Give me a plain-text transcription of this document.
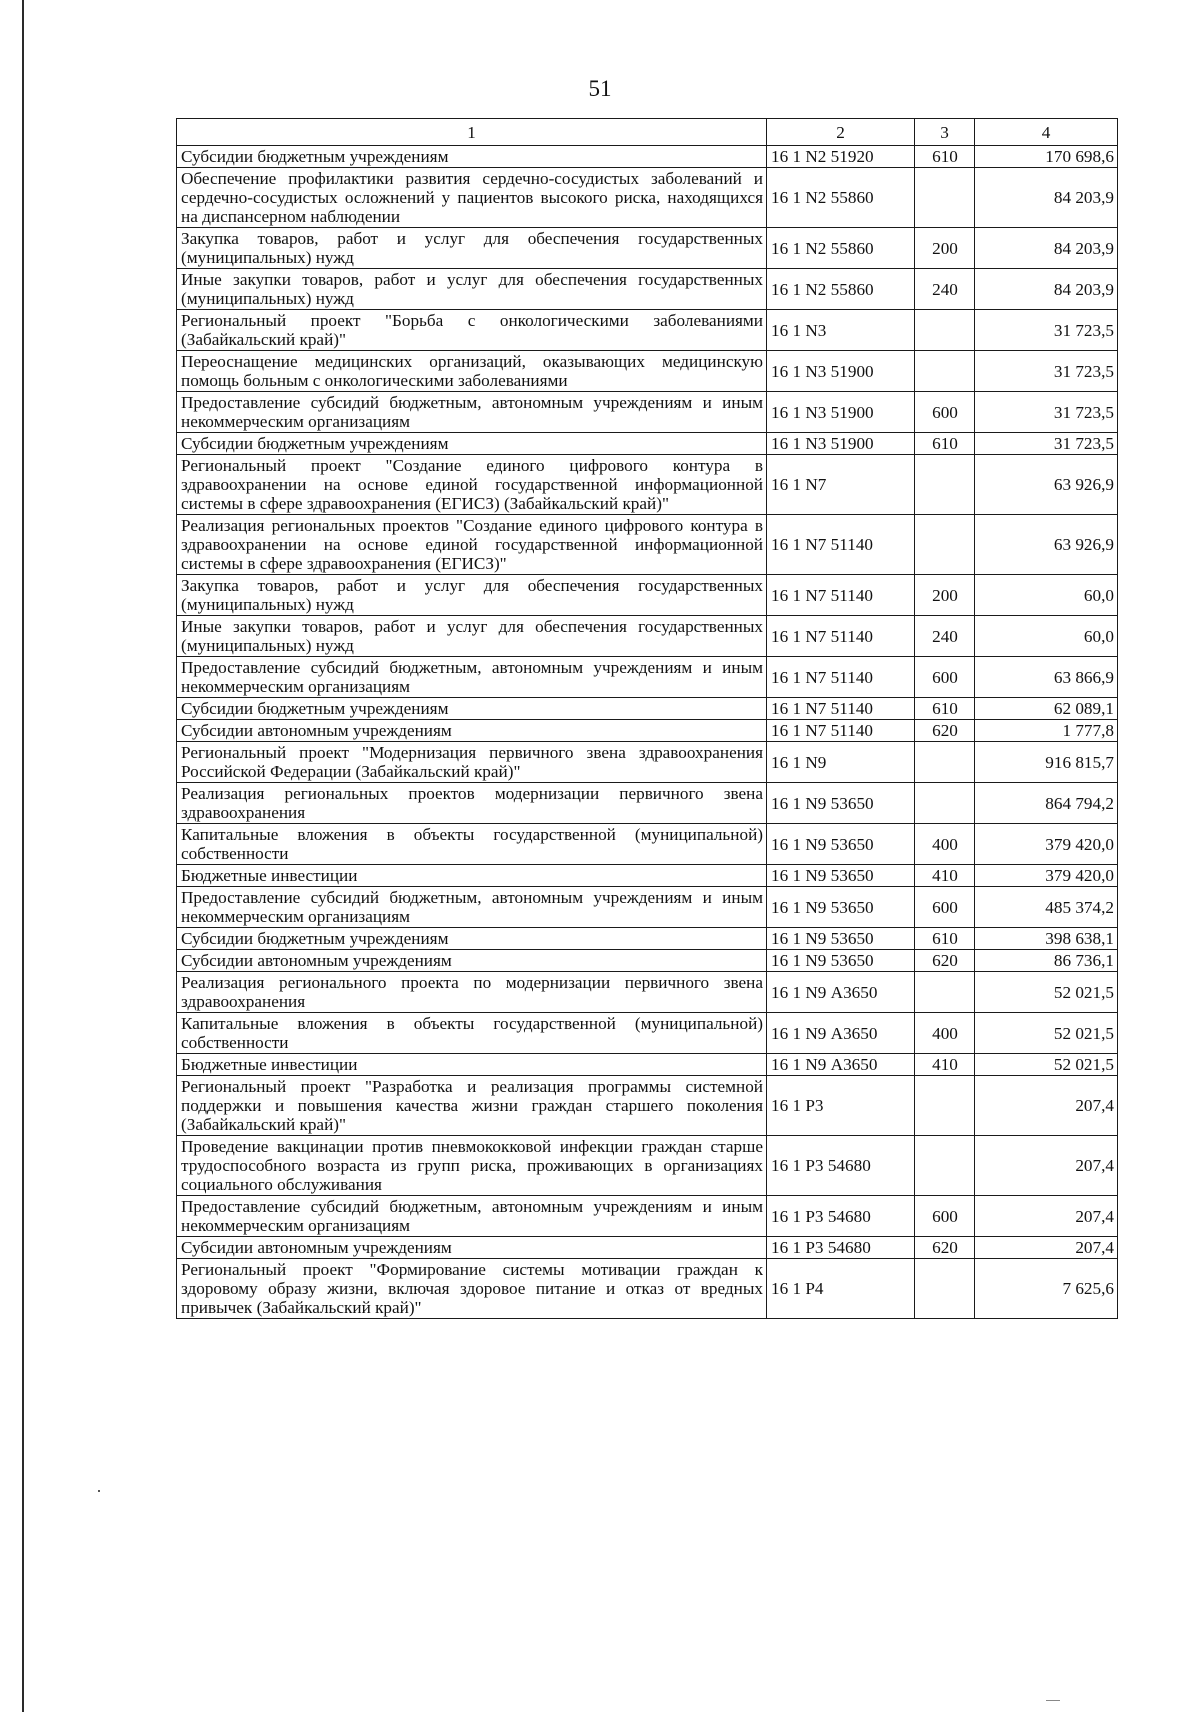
51
1	2	3	4
Субсидии бюджетным учреждениям	16 1 N2 51920	610	170 698,6
Обеспечение профилактики развития сердечно-сосудистых заболеваний и сердечно-сосудистых осложнений у пациентов высокого риска, находящихся на диспансерном наблюдении	16 1 N2 55860		84 203,9
Закупка товаров, работ и услуг для обеспечения государственных (муниципальных) нужд	16 1 N2 55860	200	84 203,9
Иные закупки товаров, работ и услуг для обеспечения государственных (муниципальных) нужд	16 1 N2 55860	240	84 203,9
Региональный проект "Борьба с онкологическими заболеваниями (Забайкальский край)"	16 1 N3		31 723,5
Переоснащение медицинских организаций, оказывающих медицинскую помощь больным с онкологическими заболеваниями	16 1 N3 51900		31 723,5
Предоставление субсидий бюджетным, автономным учреждениям и иным некоммерческим организациям	16 1 N3 51900	600	31 723,5
Субсидии бюджетным учреждениям	16 1 N3 51900	610	31 723,5
Региональный проект "Создание единого цифрового контура в здравоохранении на основе единой государственной информационной системы в сфере здравоохранения (ЕГИСЗ) (Забайкальский край)"	16 1 N7		63 926,9
Реализация региональных проектов "Создание единого цифрового контура в здравоохранении на основе единой государственной информационной системы в сфере здравоохранения (ЕГИСЗ)"	16 1 N7 51140		63 926,9
Закупка товаров, работ и услуг для обеспечения государственных (муниципальных) нужд	16 1 N7 51140	200	60,0
Иные закупки товаров, работ и услуг для обеспечения государственных (муниципальных) нужд	16 1 N7 51140	240	60,0
Предоставление субсидий бюджетным, автономным учреждениям и иным некоммерческим организациям	16 1 N7 51140	600	63 866,9
Субсидии бюджетным учреждениям	16 1 N7 51140	610	62 089,1
Субсидии автономным учреждениям	16 1 N7 51140	620	1 777,8
Региональный проект "Модернизация первичного звена здравоохранения Российской Федерации (Забайкальский край)"	16 1 N9		916 815,7
Реализация региональных проектов модернизации первичного звена здравоохранения	16 1 N9 53650		864 794,2
Капитальные вложения в объекты государственной (муниципальной) собственности	16 1 N9 53650	400	379 420,0
Бюджетные инвестиции	16 1 N9 53650	410	379 420,0
Предоставление субсидий бюджетным, автономным учреждениям и иным некоммерческим организациям	16 1 N9 53650	600	485 374,2
Субсидии бюджетным учреждениям	16 1 N9 53650	610	398 638,1
Субсидии автономным учреждениям	16 1 N9 53650	620	86 736,1
Реализация регионального проекта по модернизации первичного звена здравоохранения	16 1 N9 А3650		52 021,5
Капитальные вложения в объекты государственной (муниципальной) собственности	16 1 N9 А3650	400	52 021,5
Бюджетные инвестиции	16 1 N9 А3650	410	52 021,5
Региональный проект "Разработка и реализация программы системной поддержки и повышения качества жизни граждан старшего поколения (Забайкальский край)"	16 1 P3		207,4
Проведение вакцинации против пневмококковой инфекции граждан старше трудоспособного возраста из групп риска, проживающих в организациях социального обслуживания	16 1 P3 54680		207,4
Предоставление субсидий бюджетным, автономным учреждениям и иным некоммерческим организациям	16 1 P3 54680	600	207,4
Субсидии автономным учреждениям	16 1 P3 54680	620	207,4
Региональный проект "Формирование системы мотивации граждан к здоровому образу жизни, включая здоровое питание и отказ от вредных привычек (Забайкальский край)"	16 1 P4		7 625,6
